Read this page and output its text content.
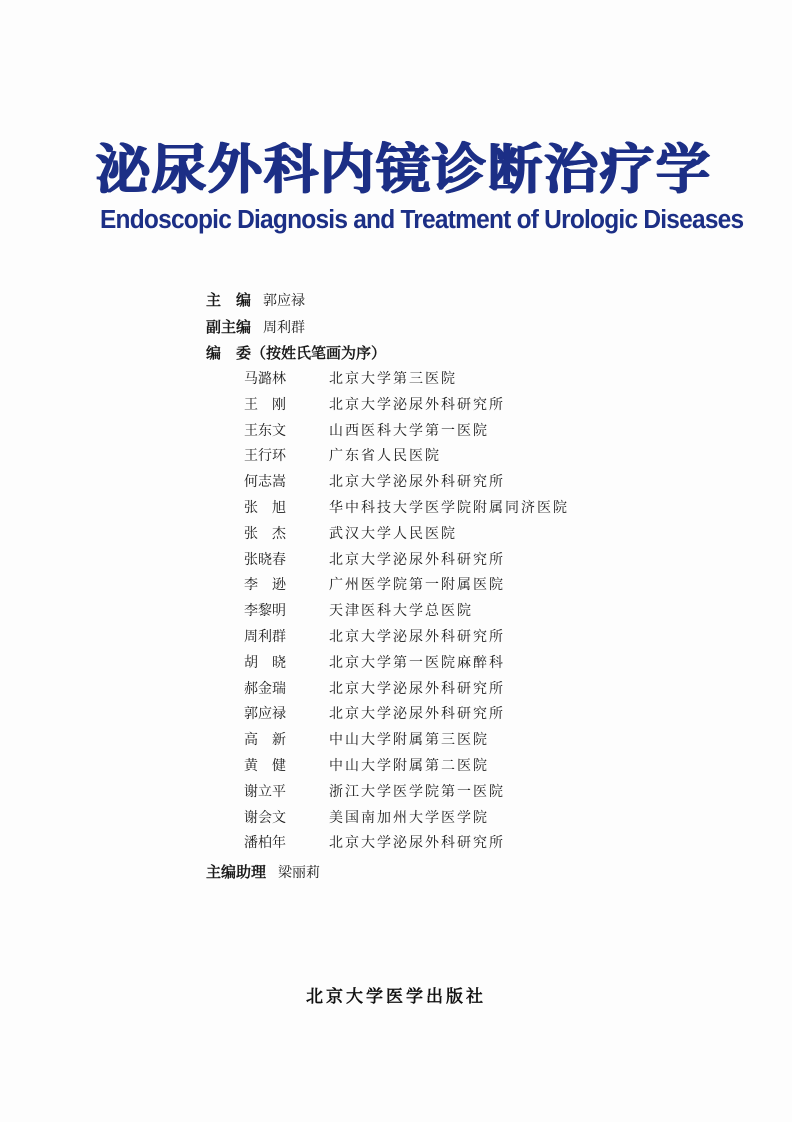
泌尿外科内镜诊断治疗学
Endoscopic Diagnosis and Treatment of Urologic Diseases
主　编 郭应禄
副主编 周利群
编　委（按姓氏笔画为序）
马潞林	北京大学第三医院
王　刚	北京大学泌尿外科研究所
王东文	山西医科大学第一医院
王行环	广东省人民医院
何志嵩	北京大学泌尿外科研究所
张　旭	华中科技大学医学院附属同济医院
张　杰	武汉大学人民医院
张晓春	北京大学泌尿外科研究所
李　逊	广州医学院第一附属医院
李黎明	天津医科大学总医院
周利群	北京大学泌尿外科研究所
胡　晓	北京大学第一医院麻醉科
郝金瑞	北京大学泌尿外科研究所
郭应禄	北京大学泌尿外科研究所
高　新	中山大学附属第三医院
黄　健	中山大学附属第二医院
谢立平	浙江大学医学院第一医院
谢会文	美国南加州大学医学院
潘柏年	北京大学泌尿外科研究所
主编助理 梁丽莉
北京大学医学出版社
